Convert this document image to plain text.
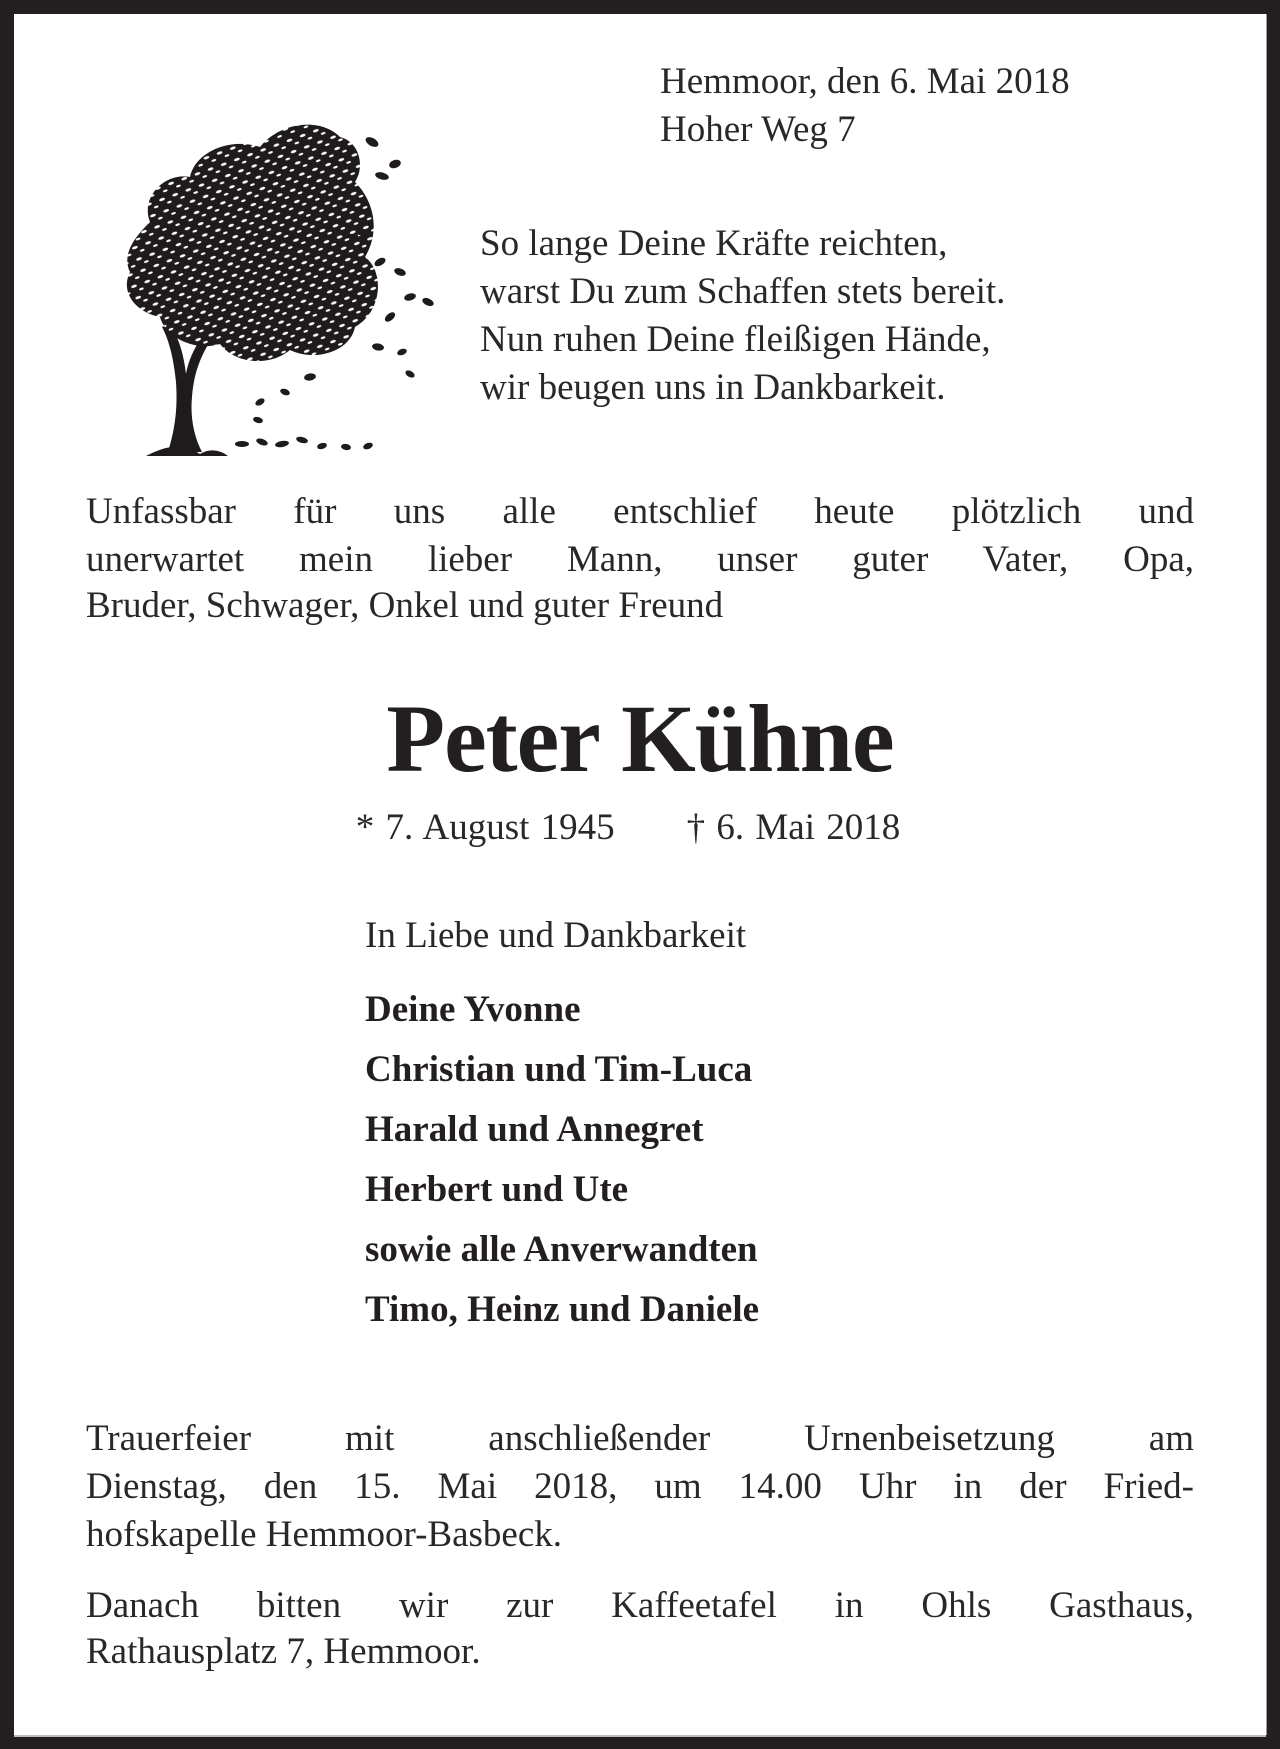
Hemmoor, den 6. Mai 2018
Hoher Weg 7
So lange Deine Kräfte reichten,
warst Du zum Schaffen stets bereit.
Nun ruhen Deine fleißigen Hände,
wir beugen uns in Dankbarkeit.
Unfassbar für uns alle entschlief heute plötzlich und
unerwartet mein lieber Mann, unser guter Vater, Opa,
Bruder, Schwager, Onkel und guter Freund
Peter Kühne
* 7. August 1945 † 6. Mai 2018
In Liebe und Dankbarkeit
Deine Yvonne
Christian und Tim-Luca
Harald und Annegret
Herbert und Ute
sowie alle Anverwandten
Timo, Heinz und Daniele
Trauerfeier mit anschließender Urnenbeisetzung am
Dienstag, den 15. Mai 2018, um 14.00 Uhr in der Fried-
hofskapelle Hemmoor-Basbeck.
Danach bitten wir zur Kaffeetafel in Ohls Gasthaus,
Rathausplatz 7, Hemmoor.
